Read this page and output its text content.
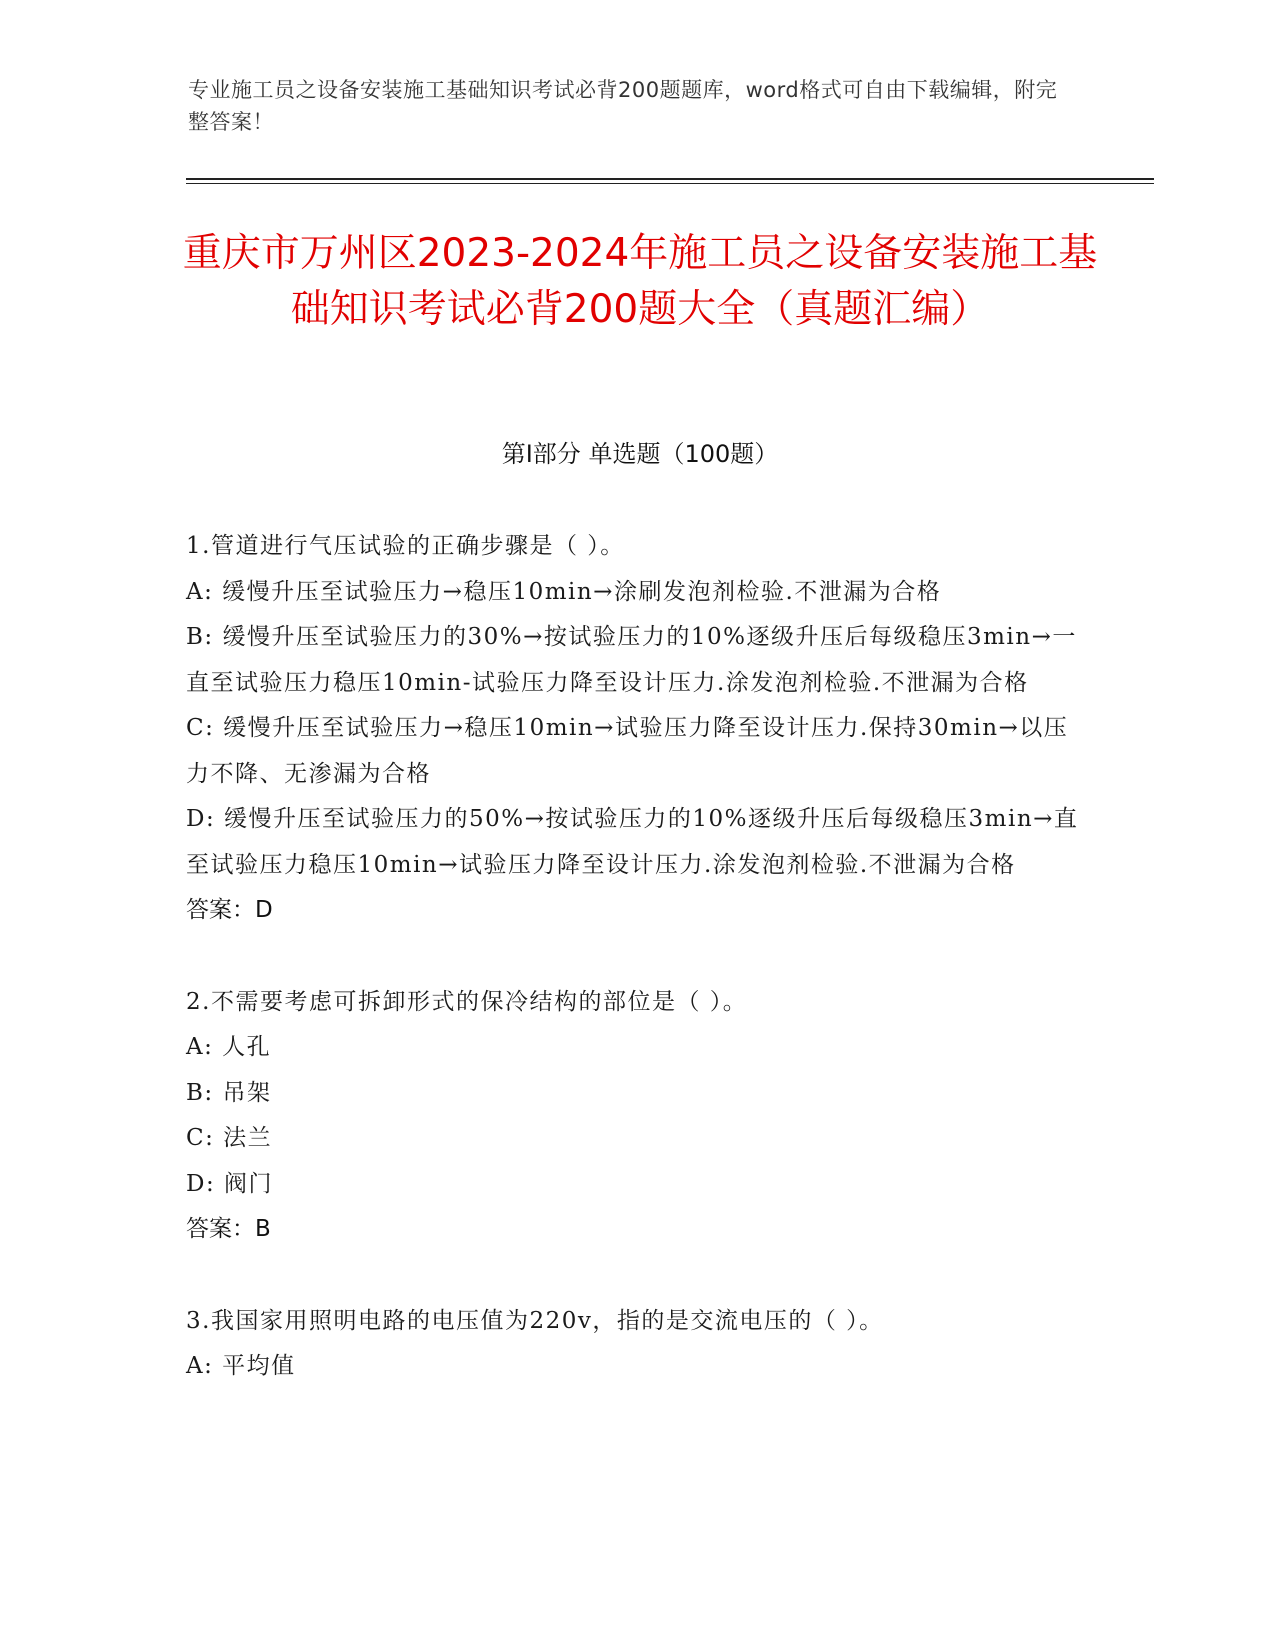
专业施工员之设备安装施工基础知识考试必背200题题库，word格式可自由下载编辑，附完整答案！
重庆市万州区2023-2024年施工员之设备安装施工基础知识考试必背200题大全（真题汇编）
第I部分 单选题（100题）
1.管道进行气压试验的正确步骤是（ ）。
A: 缓慢升压至试验压力→稳压10min→涂刷发泡剂检验.不泄漏为合格
B: 缓慢升压至试验压力的30%→按试验压力的10%逐级升压后每级稳压3min→一直至试验压力稳压10min-试验压力降至设计压力.涂发泡剂检验.不泄漏为合格
C: 缓慢升压至试验压力→稳压10min→试验压力降至设计压力.保持30min→以压力不降、无渗漏为合格
D: 缓慢升压至试验压力的50%→按试验压力的10%逐级升压后每级稳压3min→直至试验压力稳压10min→试验压力降至设计压力.涂发泡剂检验.不泄漏为合格
答案：D
2.不需要考虑可拆卸形式的保冷结构的部位是（ ）。
A: 人孔
B: 吊架
C: 法兰
D: 阀门
答案：B
3.我国家用照明电路的电压值为220v，指的是交流电压的（ ）。
A: 平均值
